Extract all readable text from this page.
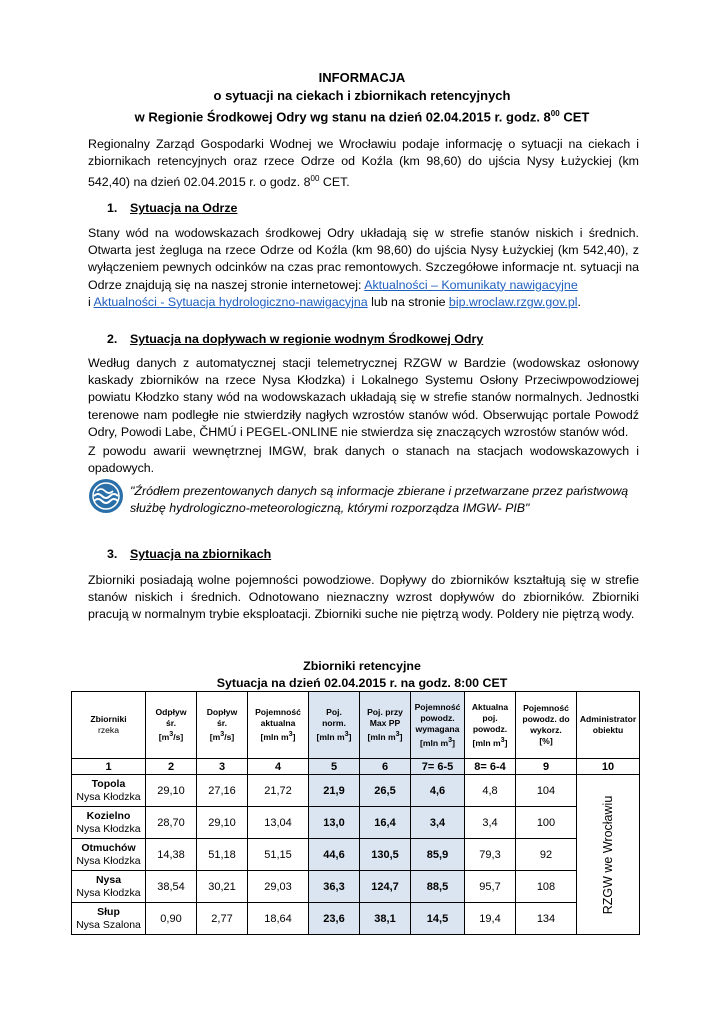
INFORMACJA
o sytuacji na ciekach i zbiornikach retencyjnych
w Regionie Środkowej Odry wg stanu na dzień 02.04.2015 r. godz. $8^{00}$ CET
Regionalny Zarząd Gospodarki Wodnej we Wrocławiu podaje informację o sytuacji na ciekach i zbiornikach retencyjnych oraz rzece Odrze od Koźla (km 98,60) do ujścia Nysy Łużyckiej (km 542,40) na dzień 02.04.2015 r. o godz. $8^{00}$ CET.
1. Sytuacja na Odrze
Stany wód na wodowskazach środkowej Odry układają się w strefie stanów niskich i średnich. Otwarta jest żegluga na rzece Odrze od Koźla (km 98,60) do ujścia Nysy Łużyckiej (km 542,40), z wyłączeniem pewnych odcinków na czas prac remontowych. Szczegółowe informacje nt. sytuacji na Odrze znajdują się na naszej stronie internetowej: Aktualności – Komunikaty nawigacyjne
i Aktualności - Sytuacja hydrologiczno-nawigacyjna lub na stronie bip.wroclaw.rzgw.gov.pl.
2. Sytuacja na dopływach w regionie wodnym Środkowej Odry
Według danych z automatycznej stacji telemetrycznej RZGW w Bardzie (wodowskaz osłonowy kaskady zbiorników na rzece Nysa Kłodzka) i Lokalnego Systemu Osłony Przeciwpowodziowej powiatu Kłodzko stany wód na wodowskazach układają się w strefie stanów normalnych. Jednostki terenowe nam podległe nie stwierdziły nagłych wzrostów stanów wód. Obserwując portale Powodź Odry, Powodi Labe, ČHMÚ i PEGEL-ONLINE nie stwierdza się znaczących wzrostów stanów wód.
Z powodu awarii wewnętrznej IMGW, brak danych o stanach na stacjach wodowskazowych i opadowych.
"Źródłem prezentowanych danych są informacje zbierane i przetwarzane przez państwową służbę hydrologiczno-meteorologiczną, którymi rozporządza IMGW- PIB"
3. Sytuacja na zbiornikach
Zbiorniki posiadają wolne pojemności powodziowe. Dopływy do zbiorników kształtują się w strefie stanów niskich i średnich. Odnotowano nieznaczny wzrost dopływów do zbiorników. Zbiorniki pracują w normalnym trybie eksploatacji. Zbiorniki suche nie piętrzą wody. Poldery nie piętrzą wody.
Zbiorniki retencyjne
Sytuacja na dzień 02.04.2015 r. na godz. 8:00 CET
Zbiorniki
rzeka	Odpływ
śr.
$[m^3/s]$	Dopływ
śr.
$[m^3/s]$	Pojemność
aktualna
[mln $m^3$]	Poj.
norm.
[mln $m^3$]	Poj. przy
Max PP
[mln $m^3$]	Pojemność
powodz.
wymagana
[mln $m^3$]	Aktualna
poj.
powodz.
[mln $m^3$]	Pojemność
powodz. do
wykorz.
[%]	Administrator
obiektu
1	2	3	4	5	6	7= 6-5	8= 6-4	9	10
Topola
Nysa Kłodzka	29,10	27,16	21,72	21,9	26,5	4,6	4,8	104	RZGW we Wrocławiu

Kozielno
Nysa Kłodzka	28,70	29,10	13,04	13,0	16,4	3,4	3,4	100	
Otmuchów
Nysa Kłodzka	14,38	51,18	51,15	44,6	130,5	85,9	79,3	92	
Nysa
Nysa Kłodzka	38,54	30,21	29,03	36,3	124,7	88,5	95,7	108	
Słup
Nysa Szalona	0,90	2,77	18,64	23,6	38,1	14,5	19,4	134	
